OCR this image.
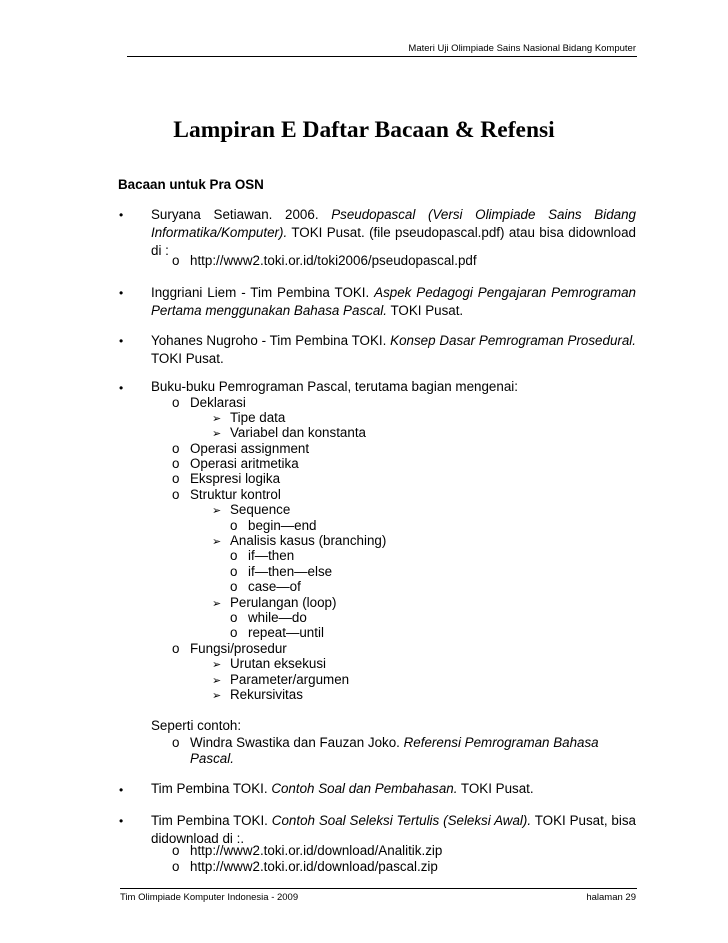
Materi Uji Olimpiade Sains Nasional Bidang Komputer
Lampiran E Daftar Bacaan & Refensi
Bacaan untuk Pra OSN
• Suryana Setiawan. 2006. Pseudopascal (Versi Olimpiade Sains Bidang Informatika/Komputer). TOKI Pusat. (file pseudopascal.pdf) atau bisa didownload di :
o http://www2.toki.or.id/toki2006/pseudopascal.pdf
• Inggriani Liem - Tim Pembina TOKI. Aspek Pedagogi Pengajaran Pemrograman Pertama menggunakan Bahasa Pascal. TOKI Pusat.
• Yohanes Nugroho - Tim Pembina TOKI. Konsep Dasar Pemrograman Prosedural. TOKI Pusat.
• Buku-buku Pemrograman Pascal, terutama bagian mengenai:
o Deklarasi
➢ Tipe data
➢ Variabel dan konstanta
o Operasi assignment
o Operasi aritmetika
o Ekspresi logika
o Struktur kontrol
➢ Sequence
o begin—end
➢ Analisis kasus (branching)
o if—then
o if—then—else
o case—of
➢ Perulangan (loop)
o while—do
o repeat—until
o Fungsi/prosedur
➢ Urutan eksekusi
➢ Parameter/argumen
➢ Rekursivitas
Seperti contoh:
o Windra Swastika dan Fauzan Joko. Referensi Pemrograman Bahasa
Pascal.
• Tim Pembina TOKI. Contoh Soal dan Pembahasan. TOKI Pusat.
• Tim Pembina TOKI. Contoh Soal Seleksi Tertulis (Seleksi Awal). TOKI Pusat, bisa didownload di :.
o http://www2.toki.or.id/download/Analitik.zip
o http://www2.toki.or.id/download/pascal.zip
Tim Olimpiade Komputer Indonesia - 2009	halaman 29
